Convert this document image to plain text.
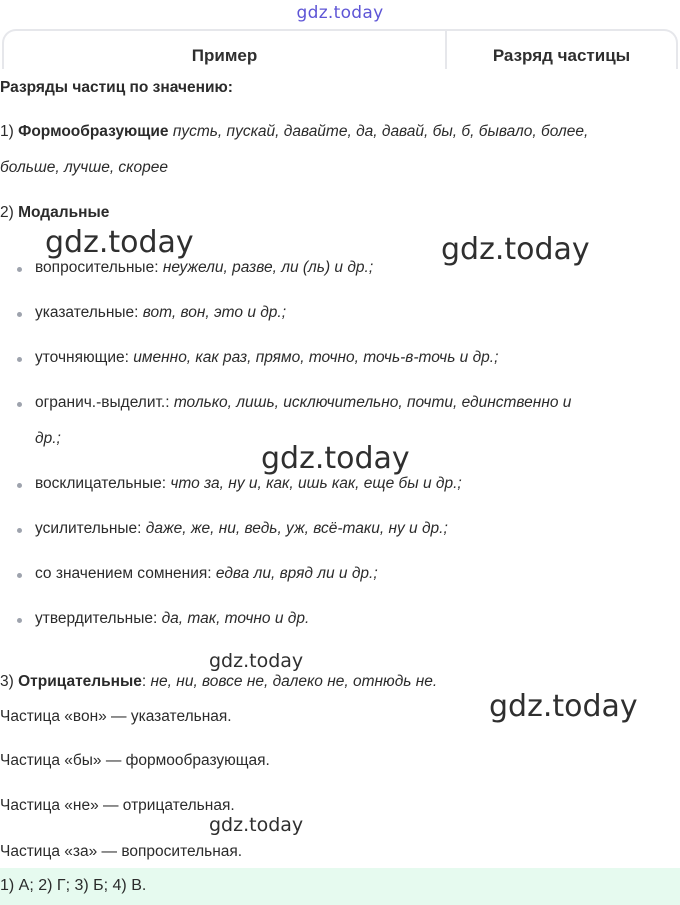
gdz.today
Пример	Разряд частицы
Разряды частиц по значению:
1) Формообразующие пусть, пускай, давайте, да, давай, бы, б, бывало, более,
больше, лучше, скорее
2) Модальные
вопросительные: неужели, разве, ли (ль) и др.;
указательные: вот, вон, это и др.;
уточняющие: именно, как раз, прямо, точно, точь-в-точь и др.;
огранич.-выделит.: только, лишь, исключительно, почти, единственно и
др.;
восклицательные: что за, ну и, как, ишь как, еще бы и др.;
усилительные: даже, же, ни, ведь, уж, всё-таки, ну и др.;
со значением сомнения: едва ли, вряд ли и др.;
утвердительные: да, так, точно и др.
3) Отрицательные: не, ни, вовсе не, далеко не, отнюдь не.
Частица «вон» — указательная.
Частица «бы» — формообразующая.
Частица «не» — отрицательная.
Частица «за» — вопросительная.
1) А; 2) Г; 3) Б; 4) В.
gdz.today	gdz.today
gdz.today
gdz.today
gdz.today
gdz.today
